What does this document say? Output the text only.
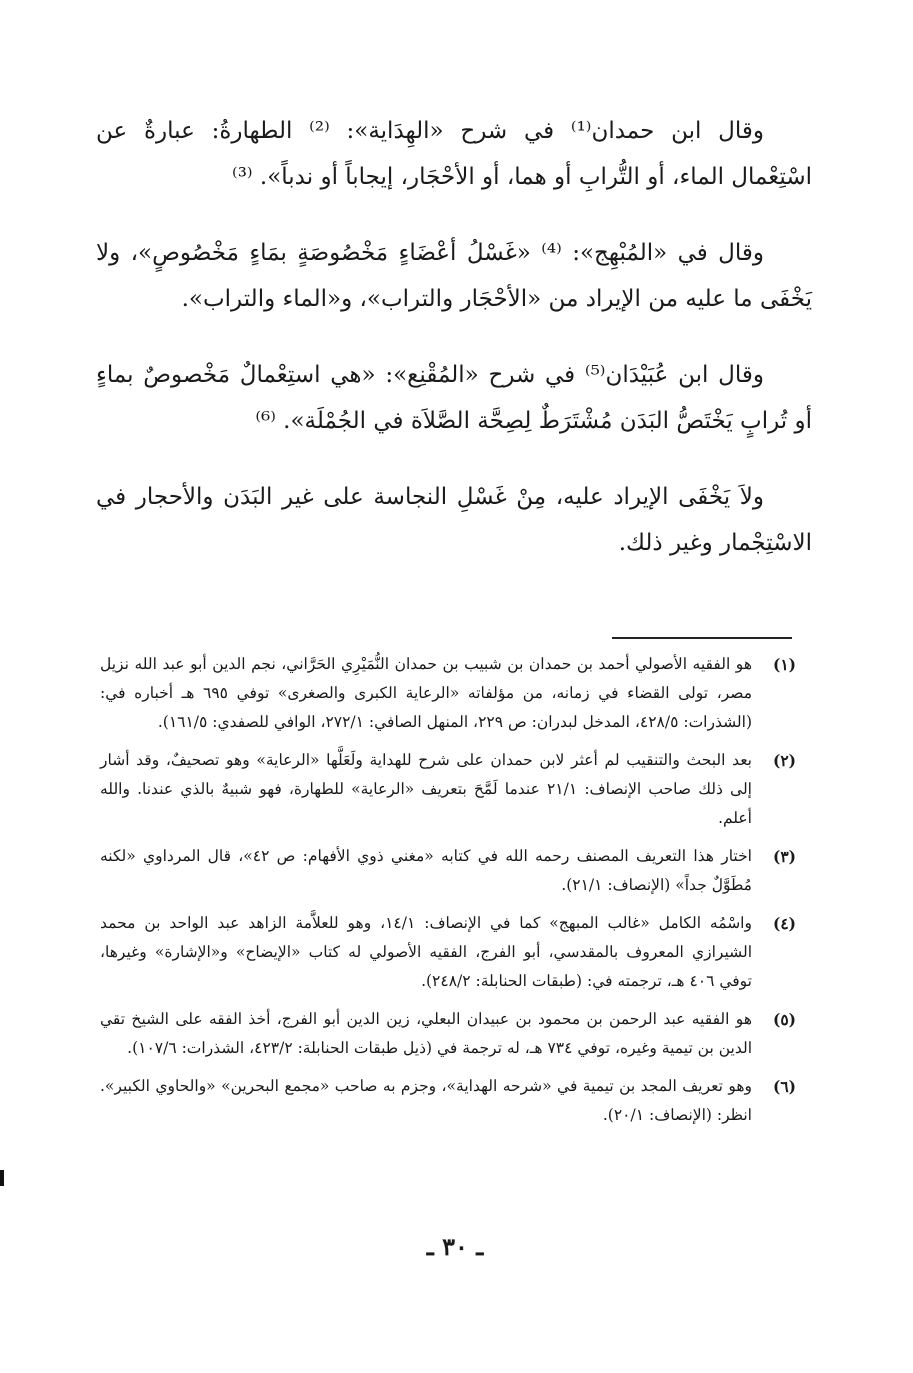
وقال ابن حمدان⁽¹⁾ في شرح «الهِدَاية»: ⁽²⁾ الطهارةُ: عبارةٌ عن اسْتِعْمال الماء، أو التُّرابِ أو هما، أو الأحْجَار، إيجاباً أو ندباً». ⁽³⁾

وقال في «المُبْهِج»: ⁽⁴⁾ «غَسْلُ أعْضَاءٍ مَخْصُوصَةٍ بمَاءٍ مَخْصُوصٍ»، ولا يَخْفَى ما عليه من الإيراد من «الأحْجَار والتراب»، و«الماء والتراب».

وقال ابن عُبَيْدَان⁽⁵⁾ في شرح «المُقْنِع»: «هي استِعْمالٌ مَخْصوصٌ بماءٍ أو تُرابٍ يَخْتَصُّ البَدَن مُشْتَرَطٌ لِصِحَّة الصَّلاَة في الجُمْلَة». ⁽⁶⁾

ولاَ يَخْفَى الإيراد عليه، مِنْ غَسْلِ النجاسة على غير البَدَن والأحجار في الاسْتِجْمار وغير ذلك.

(١)
هو الفقيه الأصولي أحمد بن حمدان بن شبيب بن حمدان النُّمَيْرِي الحَرَّاني، نجم الدين أبو عبد الله نزيل مصر، تولى القضاء في زمانه، من مؤلفاته «الرعاية الكبرى والصغرى» توفي ٦٩٥ هـ أخباره في: (الشذرات: ٤٢٨/٥، المدخل لبدران: ص ٢٢٩، المنهل الصافي: ٢٧٢/١، الوافي للصفدي: ١٦١/٥).
(٢)
بعد البحث والتنقيب لم أعثر لابن حمدان على شرح للهداية ولَعَلَّها «الرعاية» وهو تصحيفٌ، وقد أشار إلى ذلك صاحب الإنصاف: ٢١/١ عندما لَمَّحَ بتعريف «الرعاية» للطهارة، فهو شبيهٌ بالذي عندنا. والله أعلم.
(٣)
اختار هذا التعريف المصنف رحمه الله في كتابه «مغني ذوي الأفهام: ص ٤٢»، قال المرداوي «لكنه مُطَوَّلٌ جداً» (الإنصاف: ٢١/١).
(٤)
واسْمُه الكامل «غالب المبهج» كما في الإنصاف: ١٤/١، وهو للعلاَّمة الزاهد عبد الواحد بن محمد الشيرازي المعروف بالمقدسي، أبو الفرج، الفقيه الأصولي له كتاب «الإيضاح» و«الإشارة» وغيرها، توفي ٤٠٦ هـ، ترجمته في: (طبقات الحنابلة: ٢٤٨/٢).
(٥)
هو الفقيه عبد الرحمن بن محمود بن عبيدان البعلي، زين الدين أبو الفرج، أخذ الفقه على الشيخ تقي الدين بن تيمية وغيره، توفي ٧٣٤ هـ، له ترجمة في (ذيل طبقات الحنابلة: ٤٢٣/٢، الشذرات: ١٠٧/٦).
(٦)
وهو تعريف المجد بن تيمية في «شرحه الهداية»، وجزم به صاحب «مجمع البحرين» «والحاوي الكبير». انظر: (الإنصاف: ٢٠/١).
ـ ٣٠ ـ
